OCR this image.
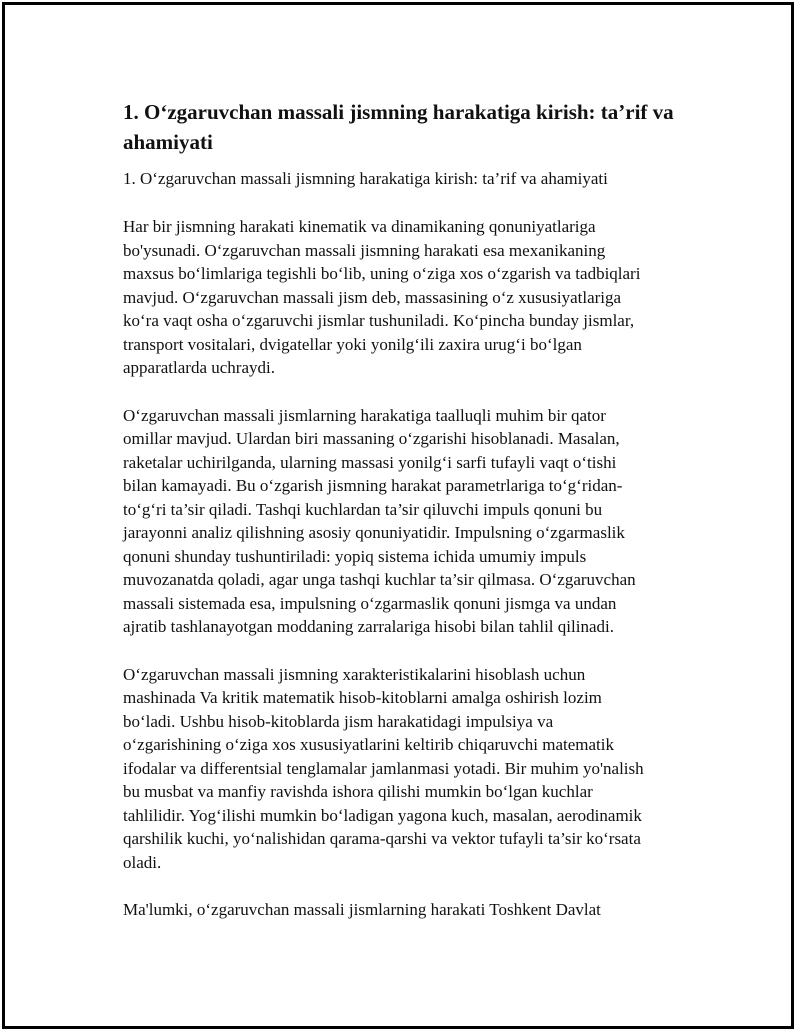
1. O‘zgaruvchan massali jismning harakatiga kirish: ta’rif va
ahamiyati

1. O‘zgaruvchan massali jismning harakatiga kirish: ta’rif va ahamiyati

Har bir jismning harakati kinematik va dinamikaning qonuniyatlariga
bo'ysunadi. O‘zgaruvchan massali jismning harakati esa mexanikaning
maxsus bo‘limlariga tegishli bo‘lib, uning o‘ziga xos o‘zgarish va tadbiqlari
mavjud. O‘zgaruvchan massali jism deb, massasining o‘z xususiyatlariga
ko‘ra vaqt osha o‘zgaruvchi jismlar tushuniladi. Ko‘pincha bunday jismlar,
transport vositalari, dvigatellar yoki yonilg‘ili zaxira urug‘i bo‘lgan
apparatlarda uchraydi.

O‘zgaruvchan massali jismlarning harakatiga taalluqli muhim bir qator
omillar mavjud. Ulardan biri massaning o‘zgarishi hisoblanadi. Masalan,
raketalar uchirilganda, ularning massasi yonilg‘i sarfi tufayli vaqt o‘tishi
bilan kamayadi. Bu o‘zgarish jismning harakat parametrlariga to‘g‘ridan-
to‘g‘ri ta’sir qiladi. Tashqi kuchlardan ta’sir qiluvchi impuls qonuni bu
jarayonni analiz qilishning asosiy qonuniyatidir. Impulsning o‘zgarmaslik
qonuni shunday tushuntiriladi: yopiq sistema ichida umumiy impuls
muvozanatda qoladi, agar unga tashqi kuchlar ta’sir qilmasa. O‘zgaruvchan
massali sistemada esa, impulsning o‘zgarmaslik qonuni jismga va undan
ajratib tashlanayotgan moddaning zarralariga hisobi bilan tahlil qilinadi.

O‘zgaruvchan massali jismning xarakteristikalarini hisoblash uchun
mashinada Va kritik matematik hisob-kitoblarni amalga oshirish lozim
bo‘ladi. Ushbu hisob-kitoblarda jism harakatidagi impulsiya va
o‘zgarishining o‘ziga xos xususiyatlarini keltirib chiqaruvchi matematik
ifodalar va differentsial tenglamalar jamlanmasi yotadi. Bir muhim yo'nalish
bu musbat va manfiy ravishda ishora qilishi mumkin bo‘lgan kuchlar
tahlilidir. Yog‘ilishi mumkin bo‘ladigan yagona kuch, masalan, aerodinamik
qarshilik kuchi, yo‘nalishidan qarama-qarshi va vektor tufayli ta’sir ko‘rsata
oladi.

Ma'lumki, o‘zgaruvchan massali jismlarning harakati Toshkent Davlat
